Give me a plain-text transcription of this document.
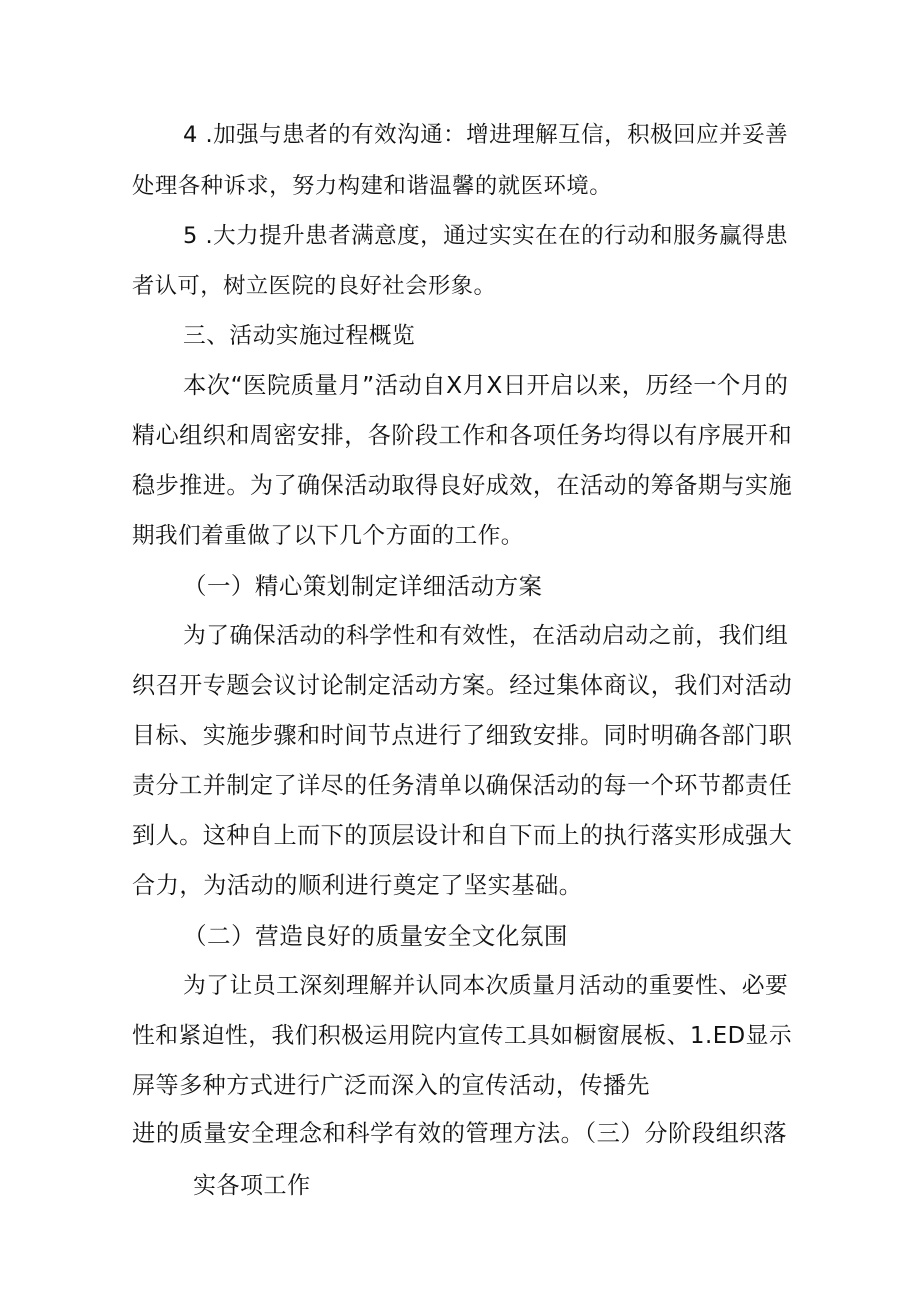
4 .加强与患者的有效沟通：增进理解互信，积极回应并妥善
处理各种诉求，努力构建和谐温馨的就医环境。
5 .大力提升患者满意度，通过实实在在的行动和服务赢得患
者认可，树立医院的良好社会形象。
三、活动实施过程概览
本次“医院质量月”活动自X月X日开启以来，历经一个月的
精心组织和周密安排，各阶段工作和各项任务均得以有序展开和
稳步推进。为了确保活动取得良好成效，在活动的筹备期与实施
期我们着重做了以下几个方面的工作。
（一）精心策划制定详细活动方案
为了确保活动的科学性和有效性，在活动启动之前，我们组
织召开专题会议讨论制定活动方案。经过集体商议，我们对活动
目标、实施步骤和时间节点进行了细致安排。同时明确各部门职
责分工并制定了详尽的任务清单以确保活动的每一个环节都责任
到人。这种自上而下的顶层设计和自下而上的执行落实形成强大
合力，为活动的顺利进行奠定了坚实基础。
（二）营造良好的质量安全文化氛围
为了让员工深刻理解并认同本次质量月活动的重要性、必要
性和紧迫性，我们积极运用院内宣传工具如橱窗展板、1.ED显示
屏等多种方式进行广泛而深入的宣传活动，传播先
进的质量安全理念和科学有效的管理方法。（三）分阶段组织落
实各项工作
